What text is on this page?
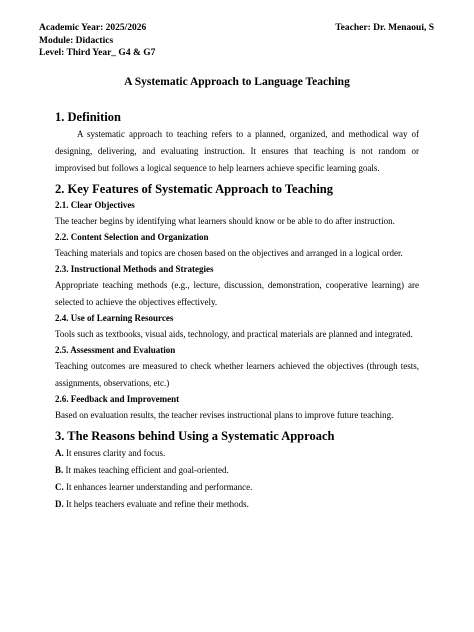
Academic Year: 2025/2026	Teacher: Dr. Menaoui, S
Module: Didactics
Level: Third Year_ G4 & G7
A Systematic Approach to Language Teaching
1. Definition

A systematic approach to teaching refers to a planned, organized, and methodical way of designing, delivering, and evaluating instruction. It ensures that teaching is not random or improvised but follows a logical sequence to help learners achieve specific learning goals.

2. Key Features of Systematic Approach to Teaching
2.1. Clear Objectives

The teacher begins by identifying what learners should know or be able to do after instruction.

2.2. Content Selection and Organization

Teaching materials and topics are chosen based on the objectives and arranged in a logical order.

2.3. Instructional Methods and Strategies

Appropriate teaching methods (e.g., lecture, discussion, demonstration, cooperative learning) are selected to achieve the objectives effectively.

2.4. Use of Learning Resources

Tools such as textbooks, visual aids, technology, and practical materials are planned and integrated.

2.5. Assessment and Evaluation

Teaching outcomes are measured to check whether learners achieved the objectives (through tests, assignments, observations, etc.)

2.6. Feedback and Improvement

Based on evaluation results, the teacher revises instructional plans to improve future teaching.

3. The Reasons behind Using a Systematic Approach

A. It ensures clarity and focus.

B. It makes teaching efficient and goal-oriented.

C. It enhances learner understanding and performance.

D. It helps teachers evaluate and refine their methods.
